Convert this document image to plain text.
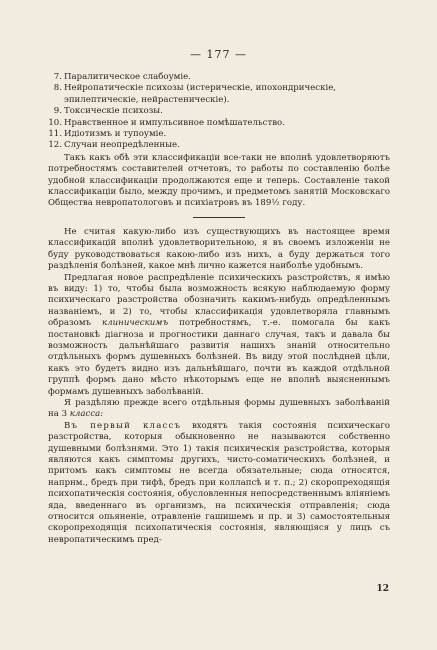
— 177 —
7. Паралитическое слабоуміе.
8. Нейропатическіе психозы (истерическіе, ипохондрическіе, эпилептическіе, нейрастеническіе).
9. Токсическіе психозы.
10. Нравственное и импульсивное помѣшательство.
11. Идіотизмъ и тупоуміе.
12. Случаи неопредѣленные.

Такъ какъ обѣ эти классификаціи все-таки не вполнѣ удовлетворяютъ потребностямъ составителей отчетовъ, то работы по составленію болѣе удобной классификаціи продолжаются еще и теперь. Составленіе такой классификаціи было, между прочимъ, и предметомъ занятій Московскаго Общества невропатологовъ и психіатровъ въ 189½ году.

Не считая какую-либо изъ существующихъ въ настоящее время классификацій вполнѣ удовлетворительною, я въ своемъ изложеніи не буду руководствоваться какою-либо изъ нихъ, а буду держаться того раздѣленія болѣзней, какое мнѣ лично кажется наиболѣе удобнымъ.

Предлагая новое распредѣленіе психическихъ разстройствъ, я имѣю въ виду: 1) то, чтобы была возможность всякую наблюдаемую форму психическаго разстройства обозначить какимъ-нибудь опредѣленнымъ названіемъ, и 2) то, чтобы классификація удовлетворяла главнымъ образомъ клиническимъ потребностямъ, т.-е. помогала бы какъ постановкѣ діагноза и прогностики даннаго случая, такъ и давала бы возможность дальнѣйшаго развитія нашихъ знаній относительно отдѣльныхъ формъ душевныхъ болѣзней. Въ виду этой послѣдней цѣли, какъ это будетъ видно изъ дальнѣйшаго, почти въ каждой отдѣльной группѣ формъ дано мѣсто нѣкоторымъ еще не вполнѣ выясненнымъ формамъ душевныхъ заболѣваній.

Я раздѣляю прежде всего отдѣльныя формы душевныхъ заболѣваній на 3 класса:

Въ первый классъ входятъ такія состоянія психическаго разстройства, которыя обыкновенно не называются собственно душевными болѣзнями. Это 1) такія психическія разстройства, которыя являются какъ симптомы другихъ, чисто-соматическихъ болѣзней, и притомъ какъ симптомы не всегда обязательные; сюда относятся, напрнм., бредъ при тифѣ, бредъ при коллапсѣ и т. п.; 2) скоропреходящія психопатическія состоянія, обусловленныя непосредственнымъ вліяніемъ яда, введеннаго въ организмъ, на психическія отправленія; сюда относится опьяненіе, отравленіе гашишемъ и пр. и 3) самостоятельныя скоропреходящія психопатическія состоянія, являющіяся у лицъ съ невропатическимъ пред-

12
